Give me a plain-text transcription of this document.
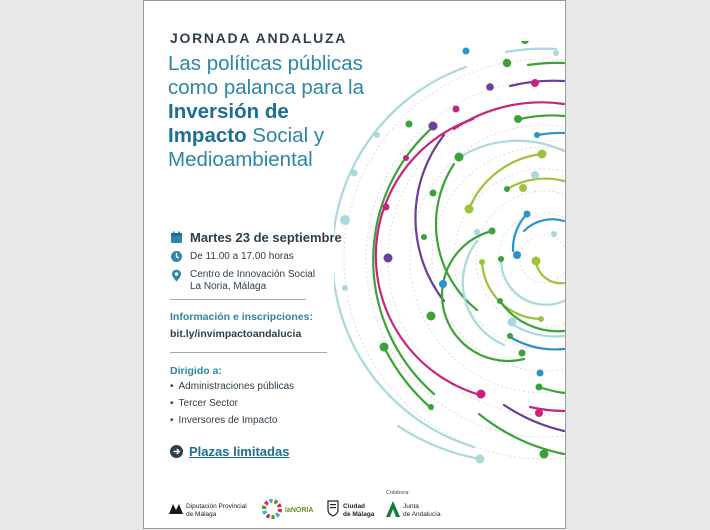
JORNADA ANDALUZA
Las políticas públicas
como palanca para la
Inversión de
Impacto Social y
Medioambiental
Martes 23 de septiembre
De 11.00 a 17.00 horas
Centro de Innovación Social
La Noria, Málaga
Información e inscripciones:
bit.ly/invimpactoandalucia
Dirigido a:
• Administraciones públicas
• Tercer Sector
• Inversores de Impacto
Plazas limitadas
Diputación Provincial
de Málaga	laNORIA
Ciudad
de Málaga
Colabora:
Junta
de Andalucía
